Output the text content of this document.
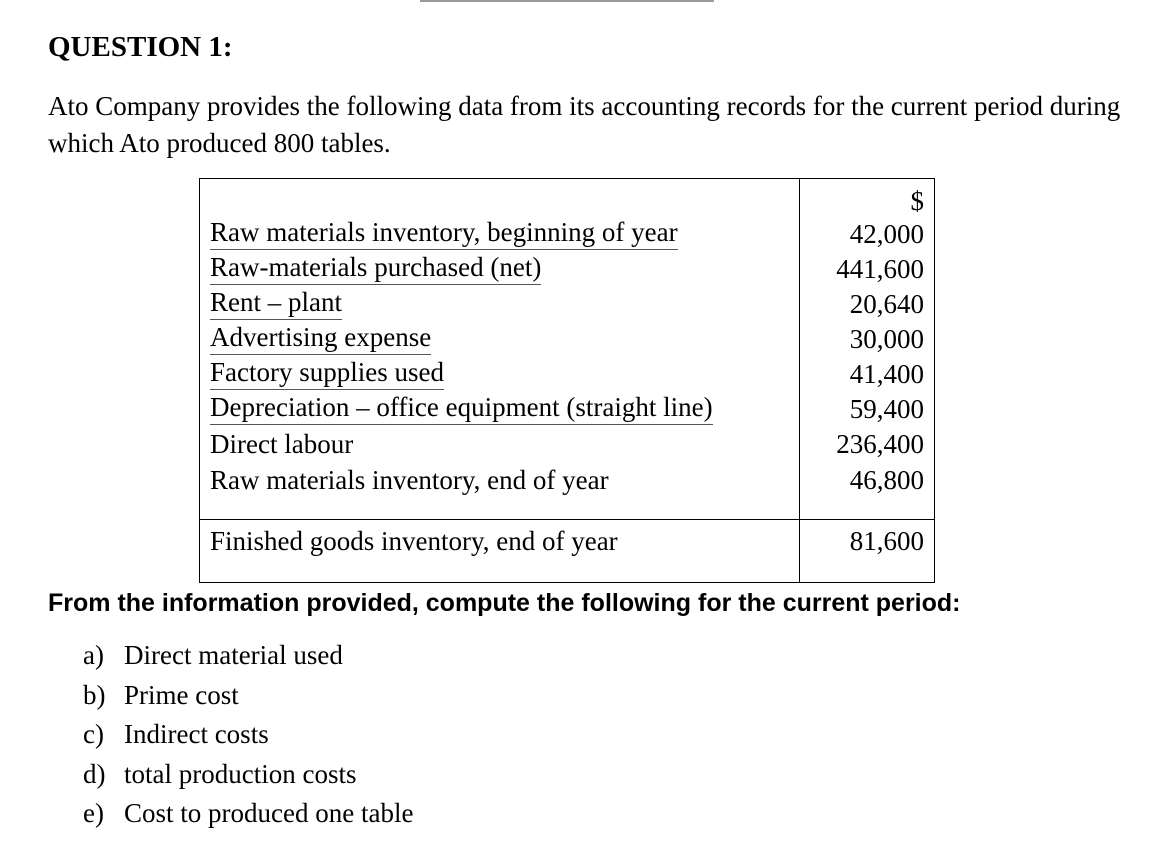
QUESTION 1:

Ato Company provides the following data from its accounting records for the current period during which Ato produced 800 tables.

$
Raw materials inventory, beginning of year	42,000
Raw-materials purchased (net)	441,600
Rent – plant	20,640
Advertising expense	30,000
Factory supplies used	41,400
Depreciation – office equipment (straight line)	59,400
Direct labour	236,400
Raw materials inventory, end of year	46,800
Finished goods inventory, end of year	81,600

From the information provided, compute the following for the current period:

a) Direct material used
b) Prime cost
c) Indirect costs
d) total production costs
e) Cost to produced one table
